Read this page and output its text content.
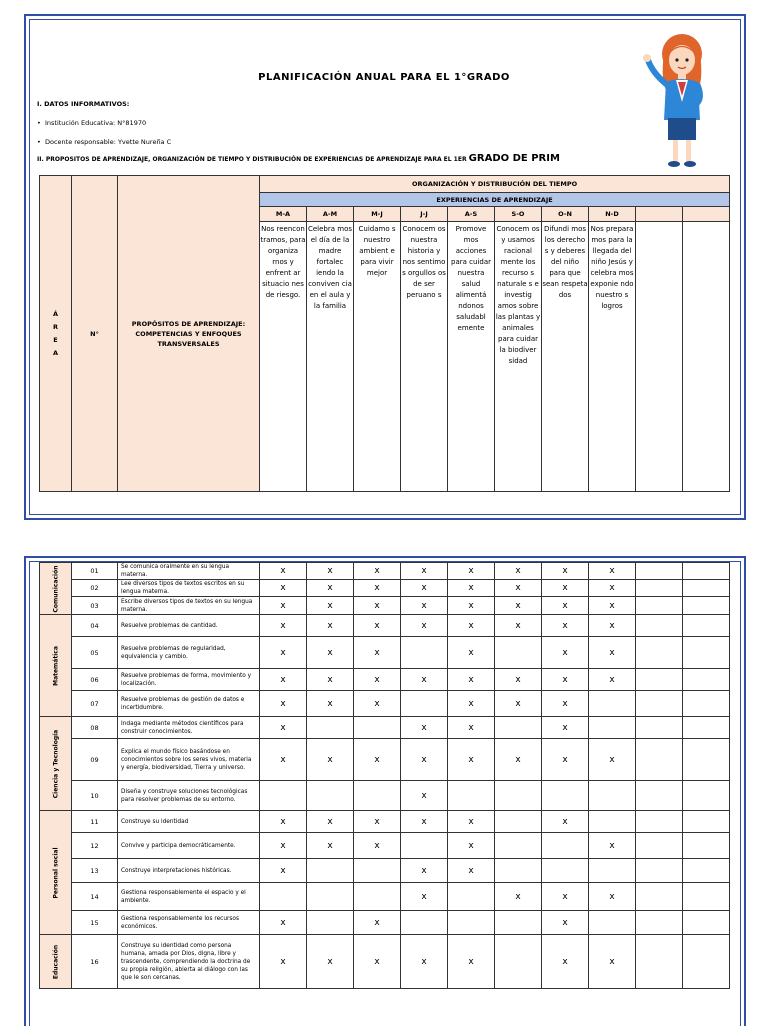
PLANIFICACIÓN ANUAL PARA EL 1°GRADO
I. DATOS INFORMATIVOS:
•  Institución Educativa: N°81970
•  Docente responsable: Yvette Nureña C
II. PROPOSITOS DE APRENDIZAJE, ORGANIZACIÓN DE TIEMPO Y DISTRIBUCIÓN DE EXPERIENCIAS DE APRENDIZAJE PARA EL 1ER GRADO DE PRIM
Á R E A	N°	PROPÓSITOS DE APRENDIZAJE: COMPETENCIAS Y ENFOQUES TRANSVERSALES	ORGANIZACIÓN Y DISTRIBUCIÓN DEL TIEMPO									
			EXPERIENCIAS DE APRENDIZAJE									
			M-A	A-M	M-J	J-J	A-S	S-O	O-N	N-D		
			Nos reencon tramos, para organiza rnos y enfrent ar situacio nes de riesgo.	Celebra mos el día de la madre fortalec iendo la conviven cia en el aula y la familia	Cuidamo s nuestro ambient e para vivir mejor	Conocem os nuestra historia y nos sentimo s orgullos os de ser peruano s	Promove mos acciones para cuidar nuestra salud alimentá ndonos saludabl emente	Conocem os y usamos racional mente los recurso s naturale s e investig amos sobre las plantas y animales para cuidar la biodiver sidad	Difundi mos los derecho s y deberes del niño para que sean respeta dos	Nos prepara mos para la llegada del niño Jesús y celebra mos exponie ndo nuestro s logros		
Comunicación	01	Se comunica oralmente en su lengua materna.	x	x	x	x	x	x	x	x		
	02	Lee diversos tipos de textos escritos en su lengua materna.	x	x	x	x	x	x	x	x		
	03	Escribe diversos tipos de textos en su lengua materna.	x	x	x	x	x	x	x	x		

Matemática	04	Resuelve problemas de cantidad.	x	x	x	x	x	x	x	x		
	05	Resuelve problemas de regularidad, equivalencia y cambio.	x	x	x		x		x	x		
	06	Resuelve problemas de forma, movimiento y localización.	x	x	x	x	x	x	x	x		
	07	Resuelve problemas de gestión de datos e incertidumbre.	x	x	x		x	x	x			

Ciencia y Tecnología	08	Indaga mediante métodos científicos para construir conocimientos.	x			x	x		x			
	09	Explica el mundo físico basándose en conocimientos sobre los seres vivos, materia y energía, biodiversidad, Tierra y universo.	x	x	x	x	x	x	x	x		
	10	Diseña y construye soluciones tecnológicas para resolver problemas de su entorno.				x						

Personal social	11	Construye su identidad	x	x	x	x	x		x			
	12	Convive y participa democráticamente.	x	x	x		x			x		
	13	Construye interpretaciones históricas.	x			x	x					
	14	Gestiona responsablemente el espacio y el ambiente.				x		x	x	x		
	15	Gestiona responsablemente los recursos económicos.	x		x				x			

Educación	16	Construye su identidad como persona humana, amada por Dios, digna, libre y trascendente, comprendiendo la doctrina de su propia religión, abierta al diálogo con las que le son cercanas.	x	x	x	x	x		x	x		
